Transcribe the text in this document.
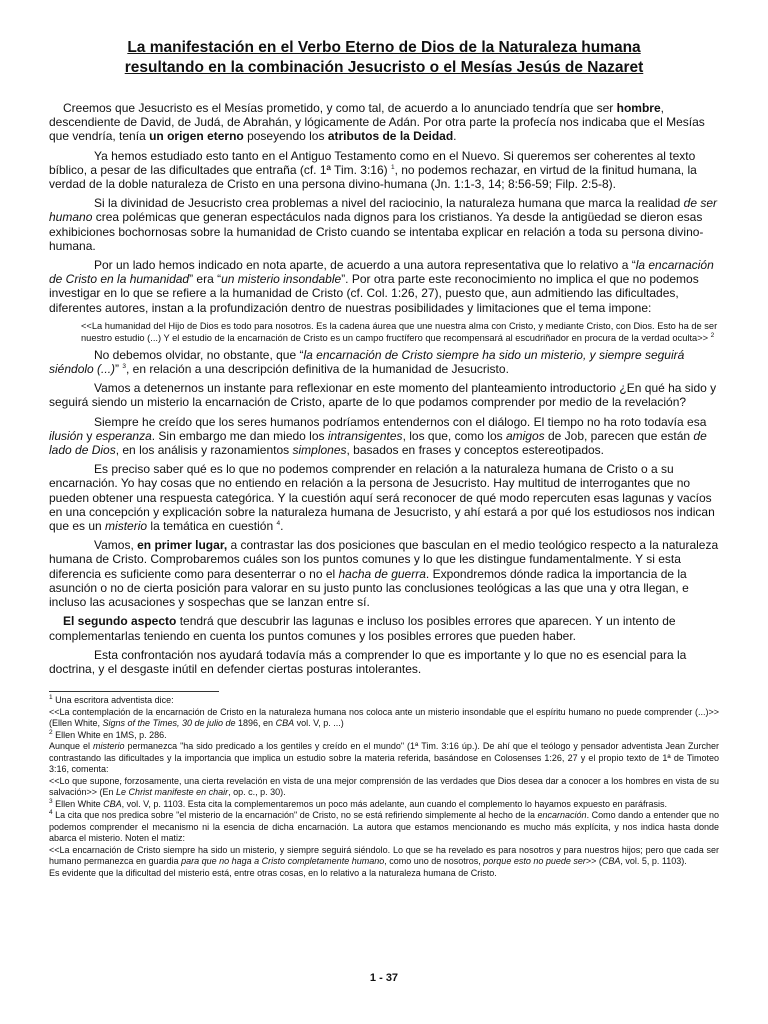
La manifestación en el Verbo Eterno de Dios de la Naturaleza humana
resultando en la combinación Jesucristo o el Mesías Jesús de Nazaret

Creemos que Jesucristo es el Mesías prometido, y como tal, de acuerdo a lo anunciado tendría que ser hombre, descendiente de David, de Judá, de Abrahán, y lógicamente de Adán. Por otra parte la profecía nos indicaba que el Mesías que vendría, tenía un origen eterno poseyendo los atributos de la Deidad.

Ya hemos estudiado esto tanto en el Antiguo Testamento como en el Nuevo. Si queremos ser coherentes al texto bíblico, a pesar de las dificultades que entraña (cf. 1ª Tim. 3:16) $^1$, no podemos rechazar, en virtud de la finitud humana, la verdad de la doble naturaleza de Cristo en una persona divino-humana (Jn. 1:1-3, 14; 8:56-59; Filp. 2:5-8).

Si la divinidad de Jesucristo crea problemas a nivel del raciocinio, la naturaleza humana que marca la realidad de ser humano crea polémicas que generan espectáculos nada dignos para los cristianos. Ya desde la antigüedad se dieron esas exhibiciones bochornosas sobre la humanidad de Cristo cuando se intentaba explicar en relación a toda su persona divino-humana.

Por un lado hemos indicado en nota aparte, de acuerdo a una autora representativa que lo relativo a “la encarnación de Cristo en la humanidad” era “un misterio insondable”. Por otra parte este reconocimiento no implica el que no podemos investigar en lo que se refiere a la humanidad de Cristo (cf. Col. 1:26, 27), puesto que, aun admitiendo las dificultades, diferentes autores, instan a la profundización dentro de nuestras posibilidades y limitaciones que el tema impone:

<<La humanidad del Hijo de Dios es todo para nosotros. Es la cadena áurea que une nuestra alma con Cristo, y mediante Cristo, con Dios. Esto ha de ser nuestro estudio (...) Y el estudio de la encarnación de Cristo es un campo fructífero que recompensará al escudriñador en procura de la verdad oculta>> $^2$

No debemos olvidar, no obstante, que “la encarnación de Cristo siempre ha sido un misterio, y siempre seguirá siéndolo (...)” $^3$, en relación a una descripción definitiva de la humanidad de Jesucristo.

Vamos a detenernos un instante para reflexionar en este momento del planteamiento introductorio ¿En qué ha sido y seguirá siendo un misterio la encarnación de Cristo, aparte de lo que podamos comprender por medio de la revelación?

Siempre he creído que los seres humanos podríamos entendernos con el diálogo. El tiempo no ha roto todavía esa ilusión y esperanza. Sin embargo me dan miedo los intransigentes, los que, como los amigos de Job, parecen que están de lado de Dios, en los análisis y razonamientos simplones, basados en frases y conceptos estereotipados.

Es preciso saber qué es lo que no podemos comprender en relación a la naturaleza humana de Cristo o a su encarnación. Yo hay cosas que no entiendo en relación a la persona de Jesucristo. Hay multitud de interrogantes que no pueden obtener una respuesta categórica. Y la cuestión aquí será reconocer de qué modo repercuten esas lagunas y vacíos en una concepción y explicación sobre la naturaleza humana de Jesucristo, y ahí estará a por qué los estudiosos nos indican que es un misterio la temática en cuestión $^4$.

Vamos, en primer lugar, a contrastar las dos posiciones que basculan en el medio teológico respecto a la naturaleza humana de Cristo. Comprobaremos cuáles son los puntos comunes y lo que les distingue fundamentalmente. Y si esta diferencia es suficiente como para desenterrar o no el hacha de guerra. Expondremos dónde radica la importancia de la asunción o no de cierta posición para valorar en su justo punto las conclusiones teológicas a las que una y otra llegan, e incluso las acusaciones y sospechas que se lanzan entre sí.

El segundo aspecto tendrá que descubrir las lagunas e incluso los posibles errores que aparecen. Y un intento de complementarlas teniendo en cuenta los puntos comunes y los posibles errores que pueden haber.

Esta confrontación nos ayudará todavía más a comprender lo que es importante y lo que no es esencial para la doctrina, y el desgaste inútil en defender ciertas posturas intolerantes.

$^1$ Una escritora adventista dice:
<<La contemplación de la encarnación de Cristo en la naturaleza humana nos coloca ante un misterio insondable que el espíritu humano no puede comprender (...)>> (Ellen White, Signs of the Times, 30 de julio de 1896, en CBA vol. V, p. ...)
$^2$ Ellen White en 1MS, p. 286.
Aunque el misterio permanezca "ha sido predicado a los gentiles y creído en el mundo" (1ª Tim. 3:16 úp.). De ahí que el teólogo y pensador adventista Jean Zurcher contrastando las dificultades y la importancia que implica un estudio sobre la materia referida, basándose en Colosenses 1:26, 27 y el propio texto de 1ª de Timoteo 3:16, comenta:
<<Lo que supone, forzosamente, una cierta revelación en vista de una mejor comprensión de las verdades que Dios desea dar a conocer a los hombres en vista de su salvación>> (En Le Christ manifeste en chair, op. c., p. 30).
$^3$ Ellen White CBA, vol. V, p. 1103. Esta cita la complementaremos un poco más adelante, aun cuando el complemento lo hayamos expuesto en paráfrasis.
$^4$ La cita que nos predica sobre "el misterio de la encarnación" de Cristo, no se está refiriendo simplemente al hecho de la encarnación. Como dando a entender que no podemos comprender el mecanismo ni la esencia de dicha encarnación. La autora que estamos mencionando es mucho más explícita, y nos indica hasta donde abarca el misterio. Noten el matiz:
<<La encarnación de Cristo siempre ha sido un misterio, y siempre seguirá siéndolo. Lo que se ha revelado es para nosotros y para nuestros hijos; pero que cada ser humano permanezca en guardia para que no haga a Cristo completamente humano, como uno de nosotros, porque esto no puede ser>> (CBA, vol. 5, p. 1103).
Es evidente que la dificultad del misterio está, entre otras cosas, en lo relativo a la naturaleza humana de Cristo.
1 - 37
